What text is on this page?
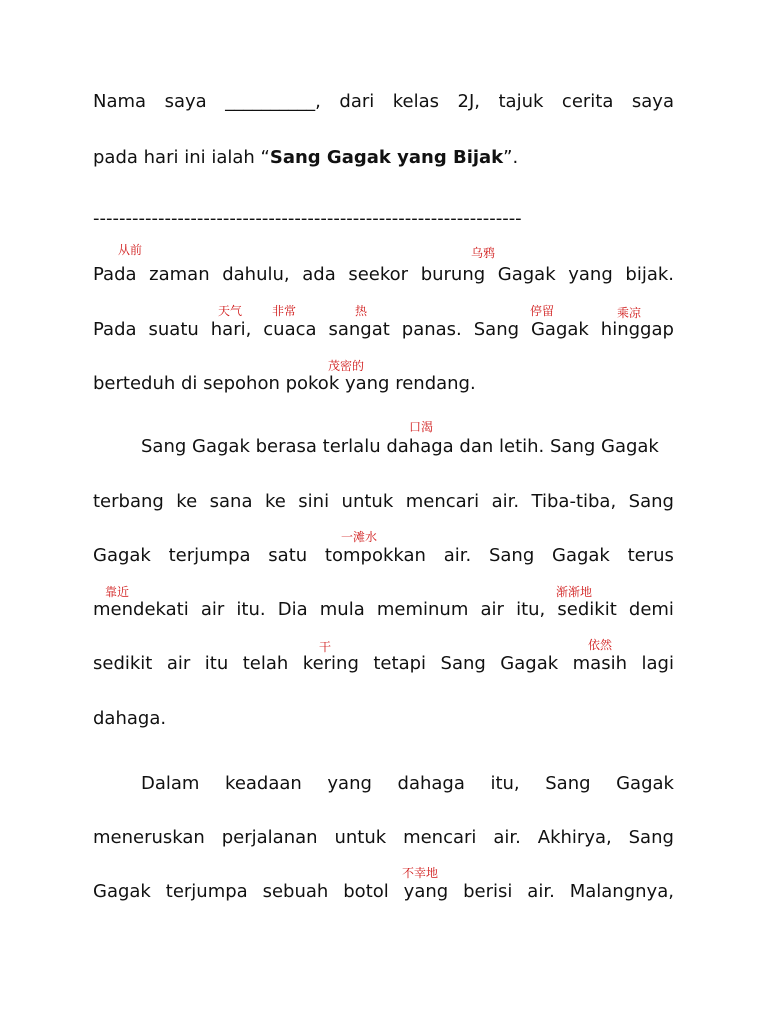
Nama saya __________, dari kelas 2J, tajuk cerita saya
pada hari ini ialah “Sang Gagak yang Bijak”.
------------------------------------------------------------------
Pada zaman dahulu, ada seekor burung Gagak yang bijak.
Pada suatu hari, cuaca sangat panas. Sang Gagak hinggap
berteduh di sepohon pokok yang rendang.
Sang Gagak berasa terlalu dahaga dan letih. Sang Gagak
terbang ke sana ke sini untuk mencari air. Tiba-tiba, Sang
Gagak terjumpa satu tompokkan air. Sang Gagak terus
mendekati air itu. Dia mula meminum air itu, sedikit demi
sedikit air itu telah kering tetapi Sang Gagak masih lagi
dahaga.
Dalam keadaan yang dahaga itu, Sang Gagak
meneruskan perjalanan untuk mencari air. Akhirya, Sang
Gagak terjumpa sebuah botol yang berisi air. Malangnya,
从前	乌鸦
天气 非常	热	停留	乘凉
茂密的
口渴
一滩水
靠近	渐渐地
干	依然
不幸地
